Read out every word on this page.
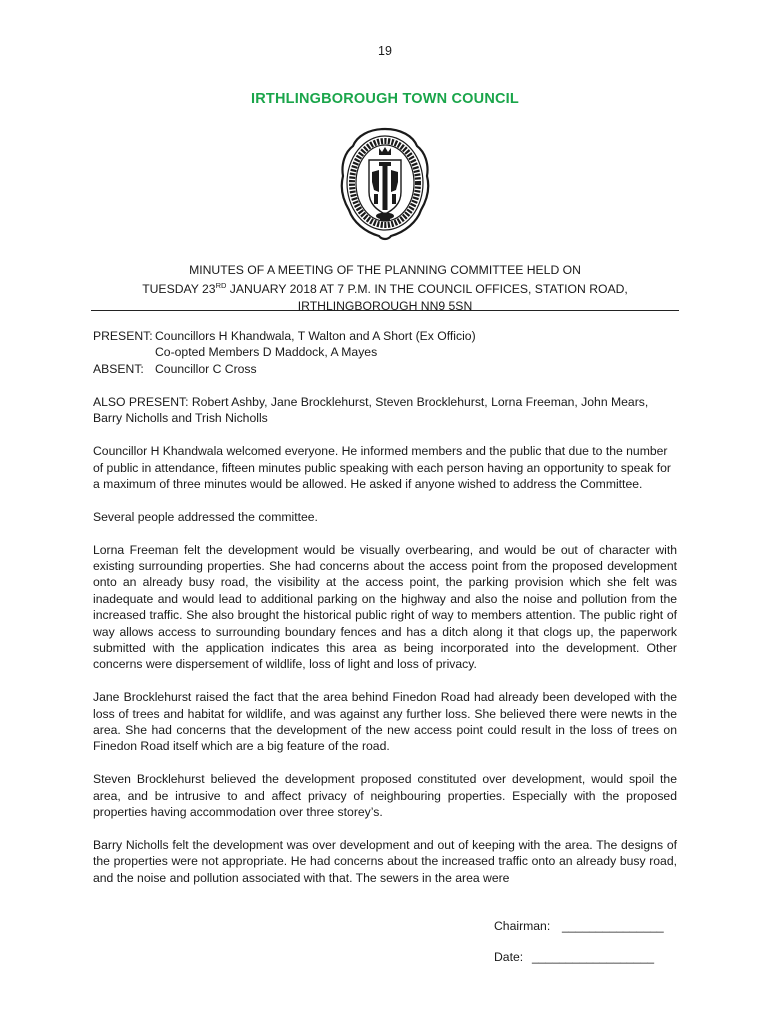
19
IRTHLINGBOROUGH TOWN COUNCIL
MINUTES OF A MEETING OF THE PLANNING COMMITTEE HELD ON
TUESDAY 23RD JANUARY 2018 AT 7 P.M. IN THE COUNCIL OFFICES, STATION ROAD,
IRTHLINGBOROUGH NN9 5SN
PRESENT: Councillors H Khandwala, T Walton and A Short (Ex Officio)
Co-opted Members D Maddock, A Mayes
ABSENT: Councillor C Cross

ALSO PRESENT: Robert Ashby, Jane Brocklehurst, Steven Brocklehurst, Lorna Freeman, John Mears, Barry Nicholls and Trish Nicholls

Councillor H Khandwala welcomed everyone. He informed members and the public that due to the number of public in attendance, fifteen minutes public speaking with each person having an opportunity to speak for a maximum of three minutes would be allowed. He asked if anyone wished to address the Committee.

Several people addressed the committee.

Lorna Freeman felt the development would be visually overbearing, and would be out of character with existing surrounding properties. She had concerns about the access point from the proposed development onto an already busy road, the visibility at the access point, the parking provision which she felt was inadequate and would lead to additional parking on the highway and also the noise and pollution from the increased traffic. She also brought the historical public right of way to members attention. The public right of way allows access to surrounding boundary fences and has a ditch along it that clogs up, the paperwork submitted with the application indicates this area as being incorporated into the development. Other concerns were dispersement of wildlife, loss of light and loss of privacy.

Jane Brocklehurst raised the fact that the area behind Finedon Road had already been developed with the loss of trees and habitat for wildlife, and was against any further loss. She believed there were newts in the area. She had concerns that the development of the new access point could result in the loss of trees on Finedon Road itself which are a big feature of the road.

Steven Brocklehurst believed the development proposed constituted over development, would spoil the area, and be intrusive to and affect privacy of neighbouring properties. Especially with the proposed properties having accommodation over three storey’s.

Barry Nicholls felt the development was over development and out of keeping with the area. The designs of the properties were not appropriate. He had concerns about the increased traffic onto an already busy road, and the noise and pollution associated with that. The sewers in the area were

Chairman: _______________
Date: __________________
